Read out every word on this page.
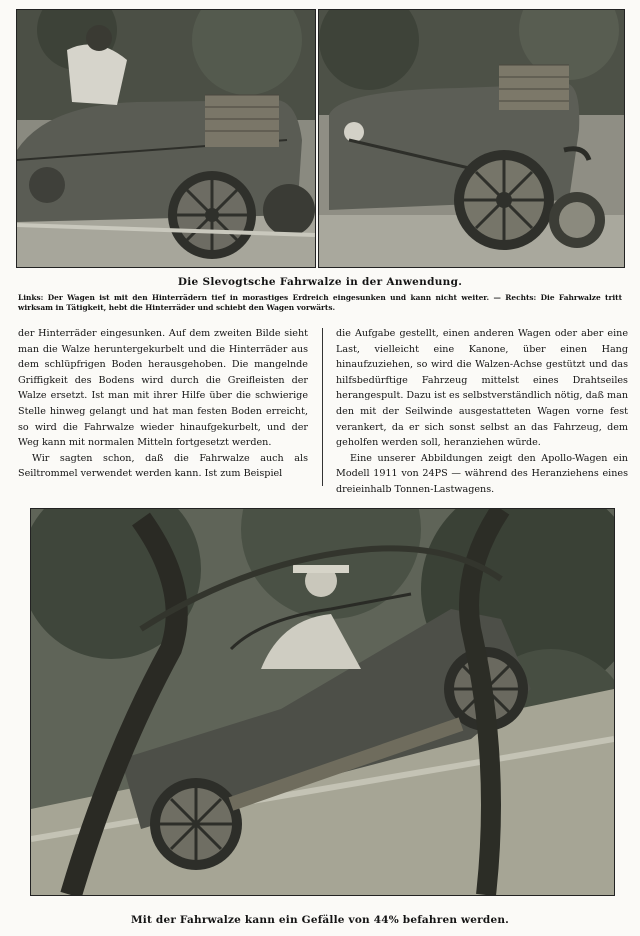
Die Slevogtsche Fahrwalze in der Anwendung.
Links: Der Wagen ist mit den Hinterrädern tief in morastiges Erdreich eingesunken und kann nicht weiter. — Rechts: Die Fahrwalze tritt wirksam in Tätigkeit, hebt die Hinterräder und schiebt den Wagen vorwärts.

der Hinterräder eingesunken. Auf dem zweiten Bilde sieht man die Walze heruntergekurbelt und die Hinterräder aus dem schlüpfrigen Boden herausgehoben. Die mangelnde Griffigkeit des Bodens wird durch die Greifleisten der Walze ersetzt. Ist man mit ihrer Hilfe über die schwierige Stelle hinweg gelangt und hat man festen Boden erreicht, so wird die Fahrwalze wieder hinaufgekurbelt, und der Weg kann mit normalen Mitteln fortgesetzt werden.

Wir sagten schon, daß die Fahrwalze auch als Seiltrommel verwendet werden kann. Ist zum Beispiel

die Aufgabe gestellt, einen anderen Wagen oder aber eine Last, vielleicht eine Kanone, über einen Hang hinaufzuziehen, so wird die Walzen-Achse gestützt und das hilfsbedürftige Fahrzeug mittelst eines Drahtseiles herangespult. Dazu ist es selbstverständlich nötig, daß man den mit der Seilwinde ausgestatteten Wagen vorne fest verankert, da er sich sonst selbst an das Fahrzeug, dem geholfen werden soll, heranziehen würde.

Eine unserer Abbildungen zeigt den Apollo-Wagen ein Modell 1911 von 24PS — während des Heranziehens eines dreieinhalb Tonnen-Lastwagens.

Mit der Fahrwalze kann ein Gefälle von 44% befahren werden.
